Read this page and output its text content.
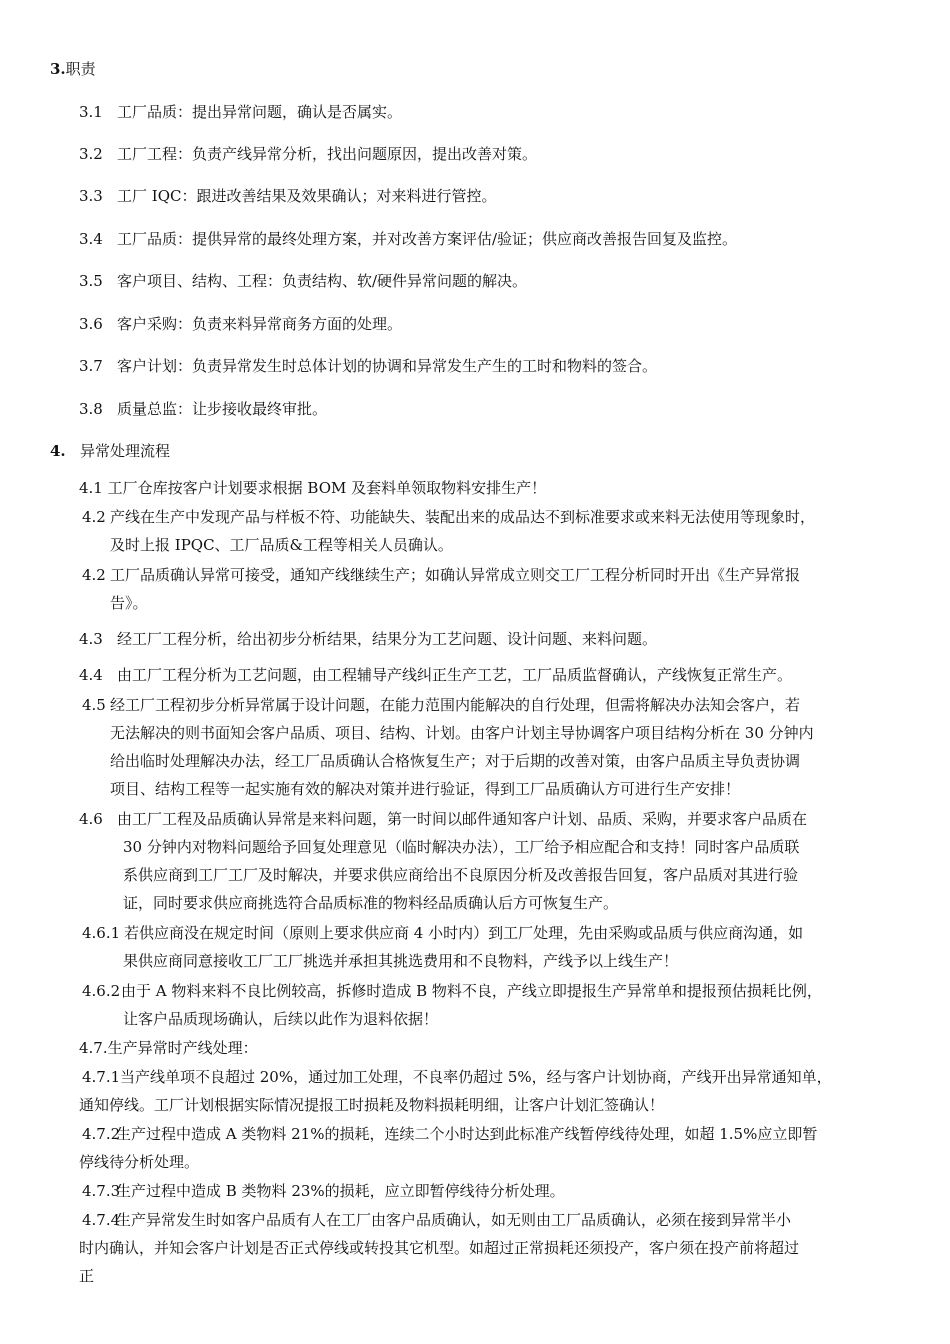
3.职责
3.1 工厂品质：提出异常问题，确认是否属实。
3.2 工厂工程：负责产线异常分析，找出问题原因，提出改善对策。
3.3 工厂 IQC：跟进改善结果及效果确认；对来料进行管控。
3.4 工厂品质：提供异常的最终处理方案，并对改善方案评估/验证；供应商改善报告回复及监控。
3.5 客户项目、结构、工程：负责结构、软/硬件异常问题的解决。
3.6 客户采购：负责来料异常商务方面的处理。
3.7 客户计划：负责异常发生时总体计划的协调和异常发生产生的工时和物料的签合。
3.8 质量总监：让步接收最终审批。
4. 异常处理流程
4.1 工厂仓库按客户计划要求根据 BOM 及套料单领取物料安排生产！
4.2 产线在生产中发现产品与样板不符、功能缺失、装配出来的成品达不到标准要求或来料无法使用等现象时，
及时上报 IPQC、工厂品质&工程等相关人员确认。
4.2 工厂品质确认异常可接受，通知产线继续生产；如确认异常成立则交工厂工程分析同时开出《生产异常报
告》。
4.3 经工厂工程分析，给出初步分析结果，结果分为工艺问题、设计问题、来料问题。
4.4 由工厂工程分析为工艺问题，由工程辅导产线纠正生产工艺，工厂品质监督确认，产线恢复正常生产。
4.5 经工厂工程初步分析异常属于设计问题，在能力范围内能解决的自行处理，但需将解决办法知会客户，若
无法解决的则书面知会客户品质、项目、结构、计划。由客户计划主导协调客户项目结构分析在 30 分钟内
给出临时处理解决办法，经工厂品质确认合格恢复生产；对于后期的改善对策，由客户品质主导负责协调
项目、结构工程等一起实施有效的解决对策并进行验证，得到工厂品质确认方可进行生产安排！
4.6 由工厂工程及品质确认异常是来料问题，第一时间以邮件通知客户计划、品质、采购，并要求客户品质在
30 分钟内对物料问题给予回复处理意见（临时解决办法），工厂给予相应配合和支持！同时客户品质联
系供应商到工厂工厂及时解决，并要求供应商给出不良原因分析及改善报告回复，客户品质对其进行验
证，同时要求供应商挑选符合品质标准的物料经品质确认后方可恢复生产。
4.6.1 若供应商没在规定时间（原则上要求供应商 4 小时内）到工厂处理，先由采购或品质与供应商沟通，如
果供应商同意接收工厂工厂挑选并承担其挑选费用和不良物料，产线予以上线生产！
4.6.2由于 A 物料来料不良比例较高，拆修时造成 B 物料不良，产线立即提报生产异常单和提报预估损耗比例，
让客户品质现场确认，后续以此作为退料依据！
4.7.生产异常时产线处理：
4.7.1当产线单项不良超过 20%，通过加工处理，不良率仍超过 5%，经与客户计划协商，产线开出异常通知单，
通知停线。工厂计划根据实际情况提报工时损耗及物料损耗明细，让客户计划汇签确认！
4.7.2生产过程中造成 A 类物料 21%的损耗，连续二个小时达到此标准产线暂停线待处理，如超 1.5%应立即暂
停线待分析处理。
4.7.3生产过程中造成 B 类物料 23%的损耗，应立即暂停线待分析处理。
4.7.4生产异常发生时如客户品质有人在工厂由客户品质确认，如无则由工厂品质确认，必须在接到异常半小
时内确认，并知会客户计划是否正式停线或转投其它机型。如超过正常损耗还须投产，客户须在投产前将超过
正
